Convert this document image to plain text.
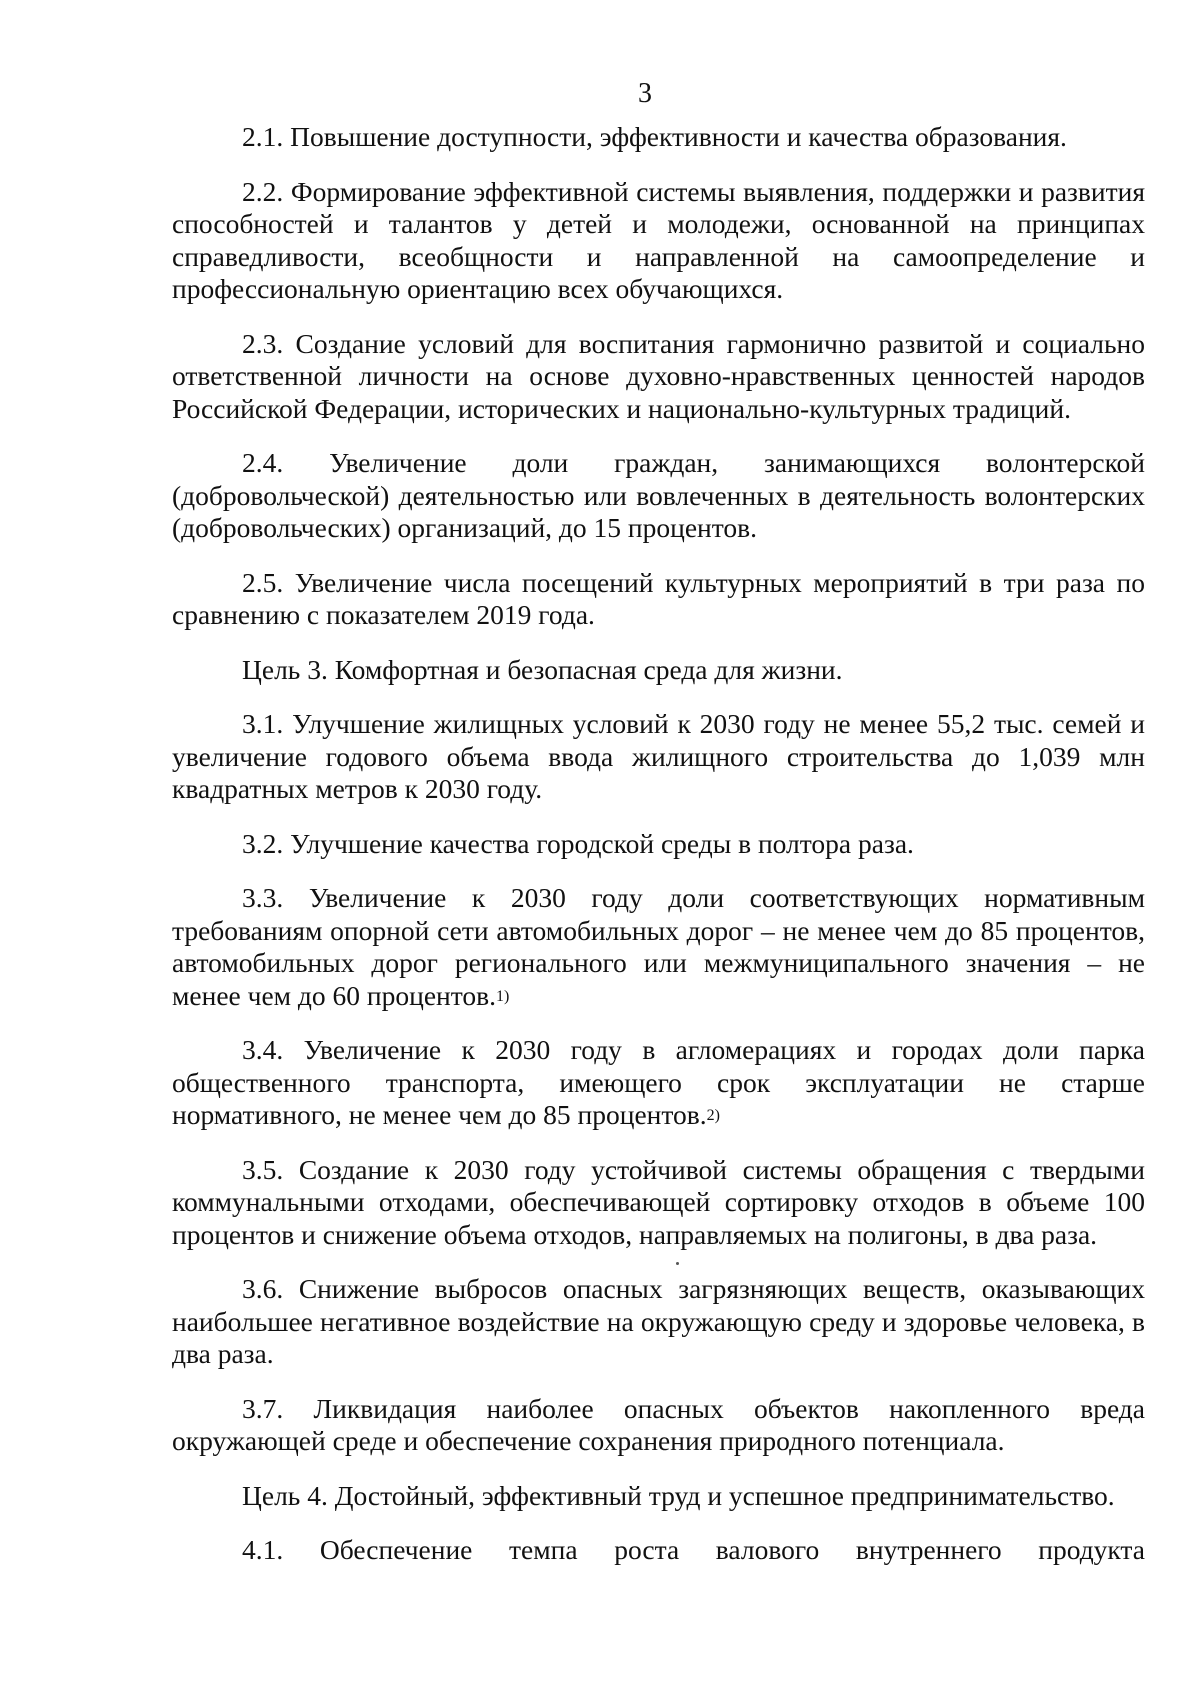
3

2.1. Повышение доступности, эффективности и качества образования.

2.2. Формирование эффективной системы выявления, поддержки и развития способностей и талантов у детей и молодежи, основанной на принципах справедливости, всеобщности и направленной на самоопределение и профессиональную ориентацию всех обучающихся.

2.3. Создание условий для воспитания гармонично развитой и социально ответственной личности на основе духовно-нравственных ценностей народов Российской Федерации, исторических и национально-культурных традиций.

2.4. Увеличение доли граждан, занимающихся волонтерской (добровольческой) деятельностью или вовлеченных в деятельность волонтерских (добровольческих) организаций, до 15 процентов.

2.5. Увеличение числа посещений культурных мероприятий в три раза по сравнению с показателем 2019 года.

Цель 3. Комфортная и безопасная среда для жизни.

3.1. Улучшение жилищных условий к 2030 году не менее 55,2 тыс. семей и увеличение годового объема ввода жилищного строительства до 1,039 млн квадратных метров к 2030 году.

3.2. Улучшение качества городской среды в полтора раза.

3.3. Увеличение к 2030 году доли соответствующих нормативным требованиям опорной сети автомобильных дорог – не менее чем до 85 процентов, автомобильных дорог регионального или межмуниципального значения – не менее чем до 60 процентов.$^{1)}$

3.4. Увеличение к 2030 году в агломерациях и городах доли парка общественного транспорта, имеющего срок эксплуатации не старше нормативного, не менее чем до 85 процентов.$^{2)}$

3.5. Создание к 2030 году устойчивой системы обращения с твердыми коммунальными отходами, обеспечивающей сортировку отходов в объеме 100 процентов и снижение объема отходов, направляемых на полигоны, в два раза.

3.6. Снижение выбросов опасных загрязняющих веществ, оказывающих наибольшее негативное воздействие на окружающую среду и здоровье человека, в два раза.

3.7. Ликвидация наиболее опасных объектов накопленного вреда окружающей среде и обеспечение сохранения природного потенциала.

Цель 4. Достойный, эффективный труд и успешное предпринимательство.

4.1. Обеспечение темпа роста валового внутреннего продукта
